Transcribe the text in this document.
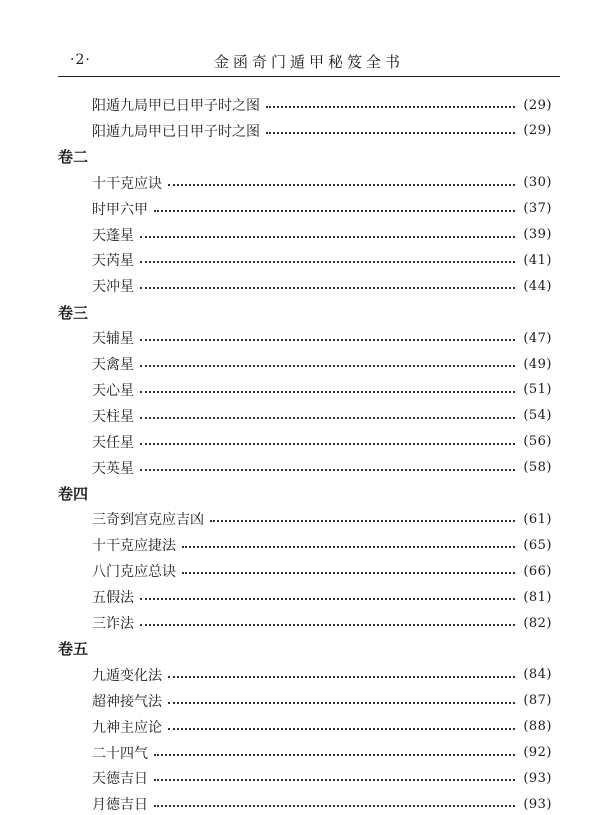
·2·	金函奇门遁甲秘笈全书
阳遁九局甲已日甲子时之图	(29)
阳遁九局甲已日甲子时之图	(29)
卷二
十干克应诀	(30)
时甲六甲	(37)
天蓬星	(39)
天芮星	(41)
天冲星	(44)
卷三
天辅星	(47)
天禽星	(49)
天心星	(51)
天柱星	(54)
天任星	(56)
天英星	(58)
卷四
三奇到宫克应吉凶	(61)
十干克应捷法	(65)
八门克应总诀	(66)
五假法	(81)
三诈法	(82)
卷五
九遁变化法	(84)
超神接气法	(87)
九神主应论	(88)
二十四气	(92)
天德吉日	(93)
月德吉日	(93)
